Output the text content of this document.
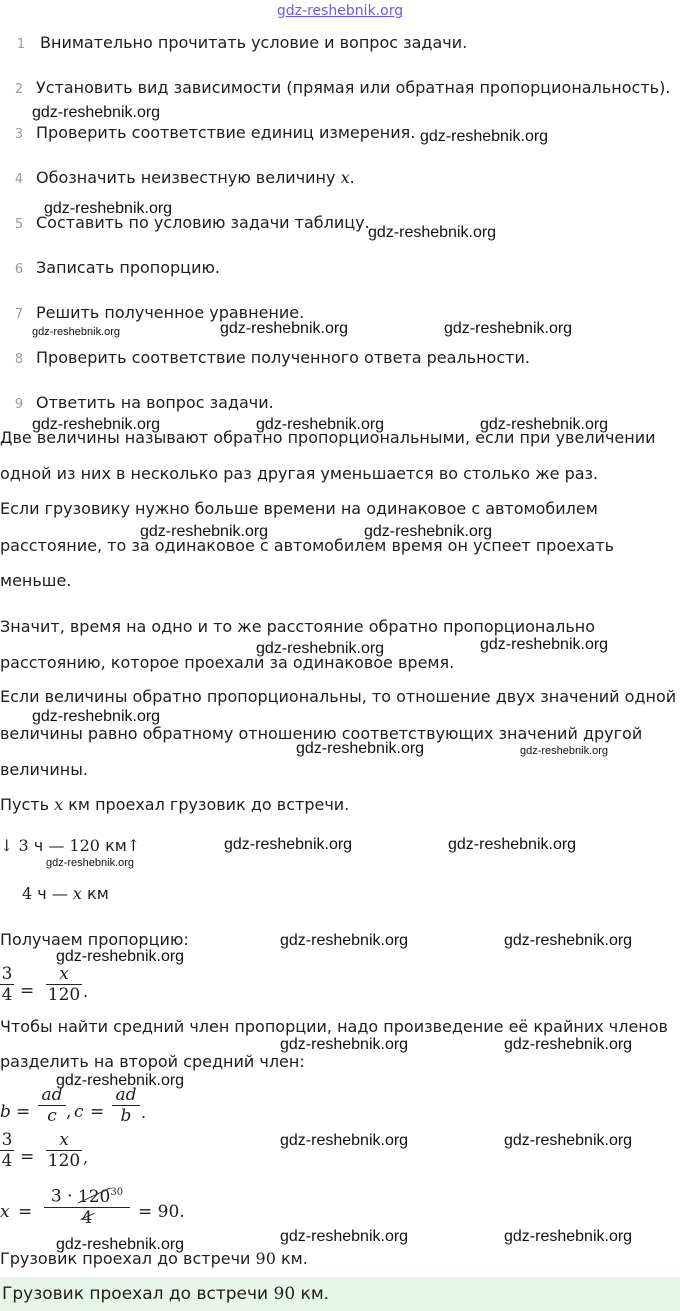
gdz-reshebnik.org
1 Внимательно прочитать условие и вопрос задачи.
2 Установить вид зависимости (прямая или обратная пропорциональность).
3 Проверить соответствие единиц измерения.
4 Обозначить неизвестную величину x.
5 Составить по условию задачи таблицу.
6 Записать пропорцию.
7 Решить полученное уравнение.
8 Проверить соответствие полученного ответа реальности.
9 Ответить на вопрос задачи.
Две величины называют обратно пропорциональными, если при увеличении
одной из них в несколько раз другая уменьшается во столько же раз.
Если грузовику нужно больше времени на одинаковое с автомобилем
расстояние, то за одинаковое с автомобилем время он успеет проехать
меньше.
Значит, время на одно и то же расстояние обратно пропорционально
расстоянию, которое проехали за одинаковое время.
Если величины обратно пропорциональны, то отношение двух значений одной
величины равно обратному отношению соответствующих значений другой
величины.
Пусть x км проехал грузовик до встречи.
↓ 3 ч — 120 км↑
4 ч — x км
Получаем пропорцию:
3
4 =
x
120 .
Чтобы найти средний член пропорции, надо произведение её крайних членов
разделить на второй средний член:
b =
ad
c , c =
ad
b .
3
4 =
x
120 ,
x =
$3 \cdot 120^{30}$
4	= 90.
Грузовик проехал до встречи 90 км.
Грузовик проехал до встречи 90 км.
gdz-reshebnik.org
gdz-reshebnik.org
gdz-reshebnik.org
gdz-reshebnik.org
gdz-reshebnik.org	gdz-reshebnik.org	gdz-reshebnik.org
gdz-reshebnik.org	gdz-reshebnik.org	gdz-reshebnik.org
gdz-reshebnik.org	gdz-reshebnik.org
gdz-reshebnik.org	gdz-reshebnik.org
gdz-reshebnik.org
gdz-reshebnik.org	gdz-reshebnik.org
gdz-reshebnik.org	gdz-reshebnik.org
gdz-reshebnik.org
gdz-reshebnik.org	gdz-reshebnik.org
gdz-reshebnik.org
gdz-reshebnik.org	gdz-reshebnik.org
gdz-reshebnik.org
gdz-reshebnik.org	gdz-reshebnik.org
gdz-reshebnik.org	gdz-reshebnik.org
gdz-reshebnik.org
